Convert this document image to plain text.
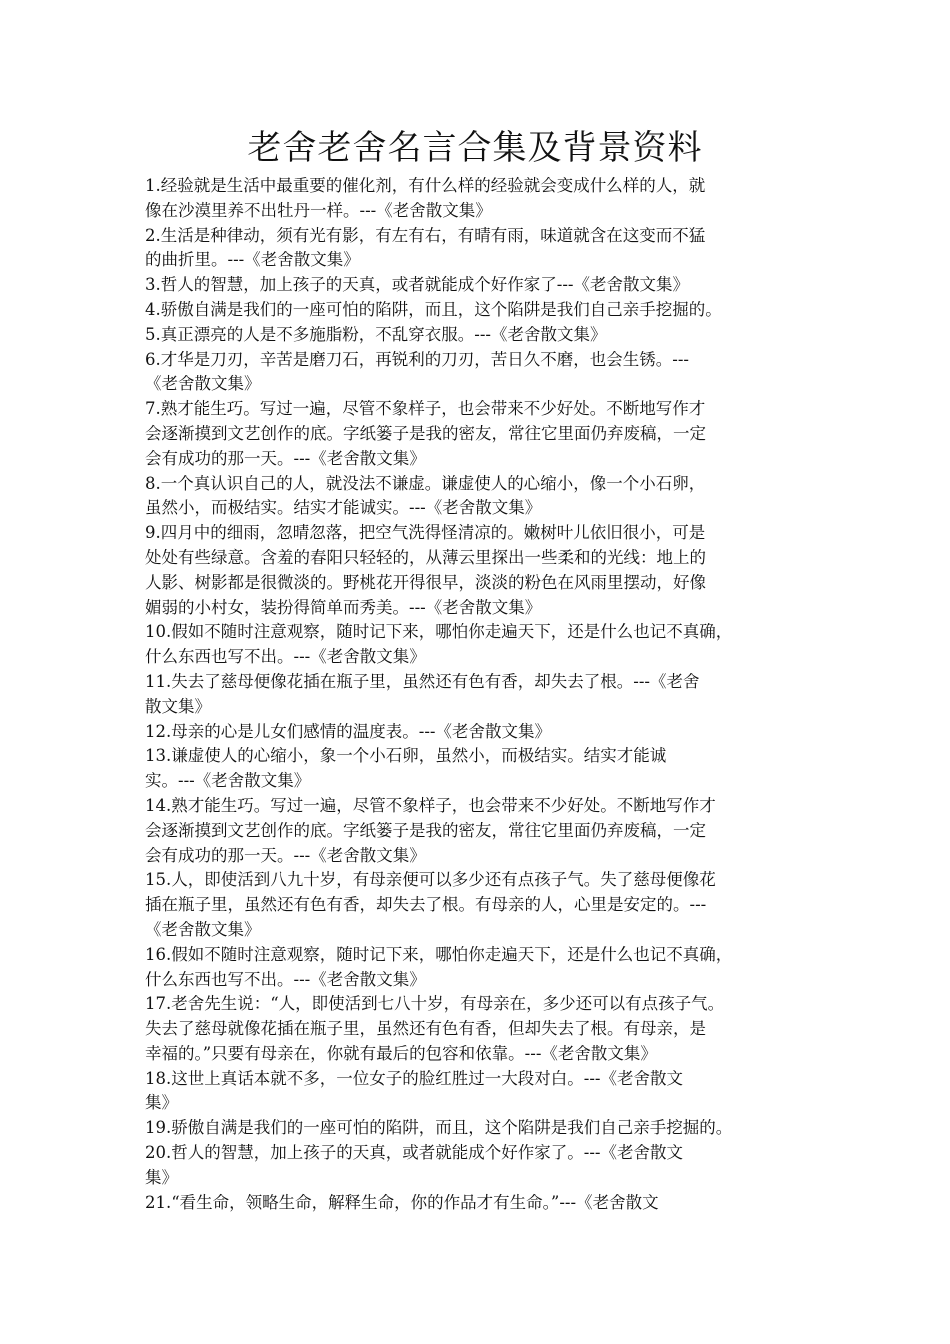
老舍老舍名言合集及背景资料
1.经验就是生活中最重要的催化剂，有什么样的经验就会变成什么样的人，就
像在沙漠里养不出牡丹一样。---《老舍散文集》
2.生活是种律动，须有光有影，有左有右，有晴有雨，味道就含在这变而不猛
的曲折里。---《老舍散文集》
3.哲人的智慧，加上孩子的天真，或者就能成个好作家了---《老舍散文集》
4.骄傲自满是我们的一座可怕的陷阱，而且，这个陷阱是我们自己亲手挖掘的。
5.真正漂亮的人是不多施脂粉，不乱穿衣服。---《老舍散文集》
6.才华是刀刃，辛苦是磨刀石，再锐利的刀刃，苦日久不磨，也会生锈。---
《老舍散文集》
7.熟才能生巧。写过一遍，尽管不象样子，也会带来不少好处。不断地写作才
会逐渐摸到文艺创作的底。字纸篓子是我的密友，常往它里面仍弃废稿，一定
会有成功的那一天。---《老舍散文集》
8.一个真认识自己的人，就没法不谦虚。谦虚使人的心缩小，像一个小石卵，
虽然小，而极结实。结实才能诚实。---《老舍散文集》
9.四月中的细雨，忽晴忽落，把空气洗得怪清凉的。嫩树叶儿依旧很小，可是
处处有些绿意。含羞的春阳只轻轻的，从薄云里探出一些柔和的光线：地上的
人影、树影都是很微淡的。野桃花开得很早，淡淡的粉色在风雨里摆动，好像
媚弱的小村女，装扮得简单而秀美。---《老舍散文集》
10.假如不随时注意观察，随时记下来，哪怕你走遍天下，还是什么也记不真确，
什么东西也写不出。---《老舍散文集》
11.失去了慈母便像花插在瓶子里，虽然还有色有香，却失去了根。---《老舍
散文集》
12.母亲的心是儿女们感情的温度表。---《老舍散文集》
13.谦虚使人的心缩小，象一个小石卵，虽然小，而极结实。结实才能诚
实。---《老舍散文集》
14.熟才能生巧。写过一遍，尽管不象样子，也会带来不少好处。不断地写作才
会逐渐摸到文艺创作的底。字纸篓子是我的密友，常往它里面仍弃废稿，一定
会有成功的那一天。---《老舍散文集》
15.人，即使活到八九十岁，有母亲便可以多少还有点孩子气。失了慈母便像花
插在瓶子里，虽然还有色有香，却失去了根。有母亲的人，心里是安定的。---
《老舍散文集》
16.假如不随时注意观察，随时记下来，哪怕你走遍天下，还是什么也记不真确，
什么东西也写不出。---《老舍散文集》
17.老舍先生说：“人，即使活到七八十岁，有母亲在，多少还可以有点孩子气。
失去了慈母就像花插在瓶子里，虽然还有色有香，但却失去了根。有母亲，是
幸福的。”只要有母亲在，你就有最后的包容和依靠。---《老舍散文集》
18.这世上真话本就不多，一位女子的脸红胜过一大段对白。---《老舍散文
集》
19.骄傲自满是我们的一座可怕的陷阱，而且，这个陷阱是我们自己亲手挖掘的。
20.哲人的智慧，加上孩子的天真，或者就能成个好作家了。---《老舍散文
集》
21.“看生命，领略生命，解释生命，你的作品才有生命。”---《老舍散文
